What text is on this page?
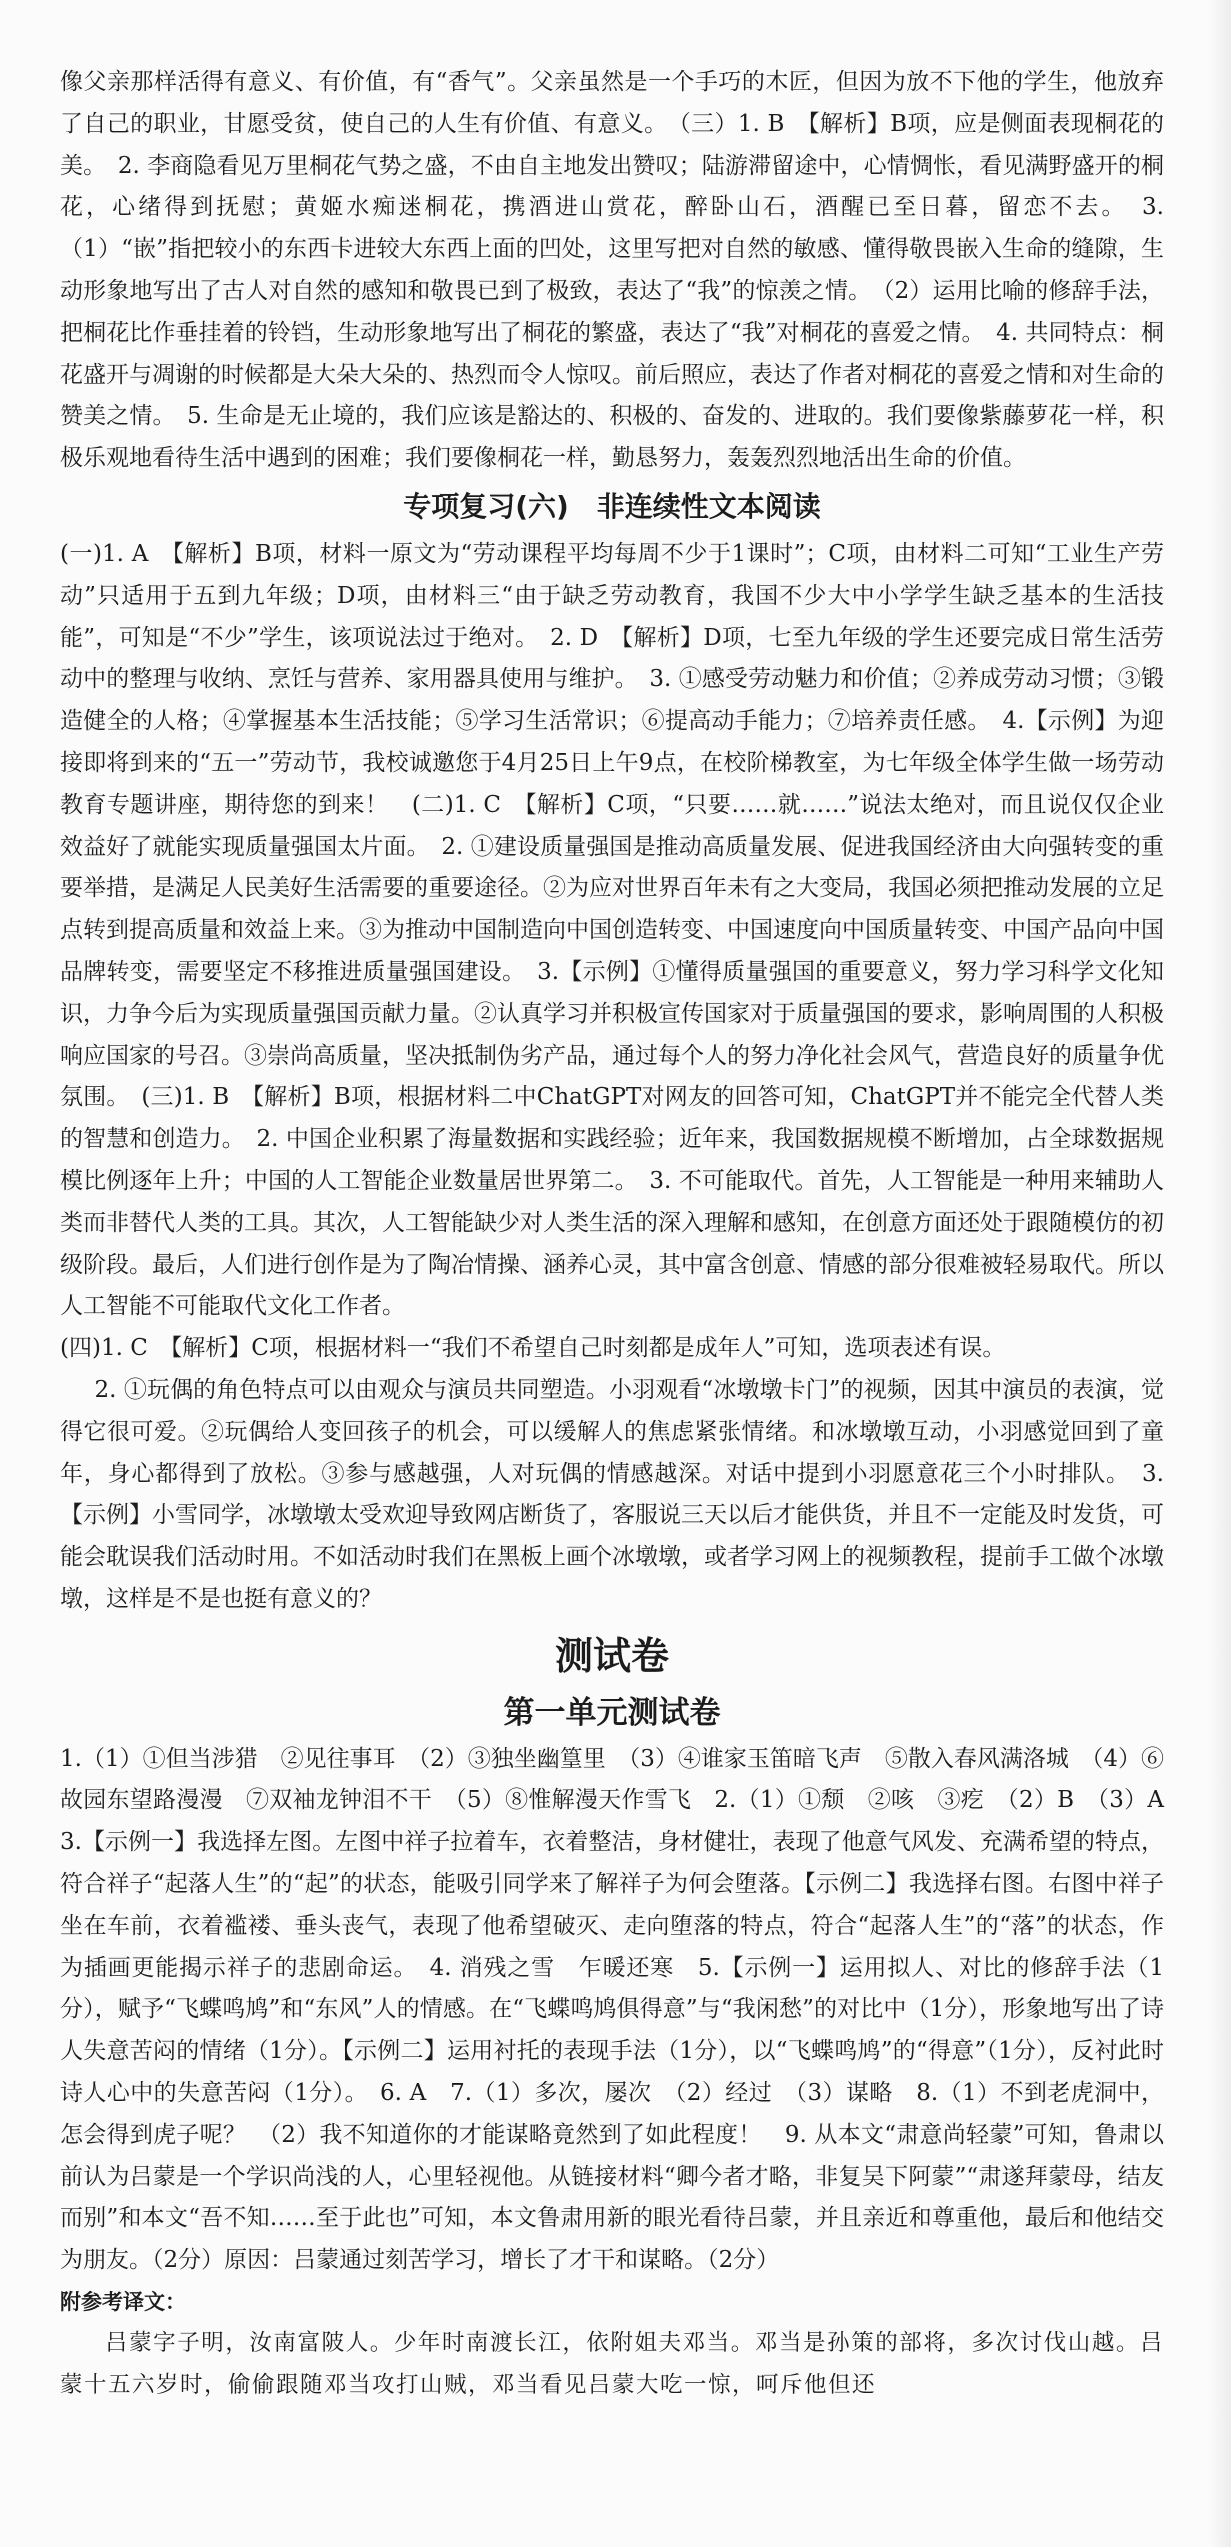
像父亲那样活得有意义、有价值，有“香气”。父亲虽然是一个手巧的木匠，但因为放不下他的学生，他放弃了自己的职业，甘愿受贫，使自己的人生有价值、有意义。　（三）1. B　【解析】B项，应是侧面表现桐花的美。　2. 李商隐看见万里桐花气势之盛，不由自主地发出赞叹；陆游滞留途中，心情惆怅，看见满野盛开的桐花，心绪得到抚慰；黄姬水痴迷桐花，携酒进山赏花，醉卧山石，酒醒已至日暮，留恋不去。　3.（1）“嵌”指把较小的东西卡进较大东西上面的凹处，这里写把对自然的敏感、懂得敬畏嵌入生命的缝隙，生动形象地写出了古人对自然的感知和敬畏已到了极致，表达了“我”的惊羡之情。　（2）运用比喻的修辞手法，把桐花比作垂挂着的铃铛，生动形象地写出了桐花的繁盛，表达了“我”对桐花的喜爱之情。　4. 共同特点：桐花盛开与凋谢的时候都是大朵大朵的、热烈而令人惊叹。前后照应，表达了作者对桐花的喜爱之情和对生命的赞美之情。　5. 生命是无止境的，我们应该是豁达的、积极的、奋发的、进取的。我们要像紫藤萝花一样，积极乐观地看待生活中遇到的困难；我们要像桐花一样，勤恳努力，轰轰烈烈地活出生命的价值。

专项复习(六)　非连续性文本阅读

(一)1. A　【解析】B项，材料一原文为“劳动课程平均每周不少于1课时”；C项，由材料二可知“工业生产劳动”只适用于五到九年级；D项，由材料三“由于缺乏劳动教育，我国不少大中小学学生缺乏基本的生活技能”，可知是“不少”学生，该项说法过于绝对。　2. D　【解析】D项，七至九年级的学生还要完成日常生活劳动中的整理与收纳、烹饪与营养、家用器具使用与维护。　3. ①感受劳动魅力和价值；②养成劳动习惯；③锻造健全的人格；④掌握基本生活技能；⑤学习生活常识；⑥提高动手能力；⑦培养责任感。　4.【示例】为迎接即将到来的“五一”劳动节，我校诚邀您于4月25日上午9点，在校阶梯教室，为七年级全体学生做一场劳动教育专题讲座，期待您的到来！　(二)1. C　【解析】C项，“只要……就……”说法太绝对，而且说仅仅企业效益好了就能实现质量强国太片面。　2. ①建设质量强国是推动高质量发展、促进我国经济由大向强转变的重要举措，是满足人民美好生活需要的重要途径。②为应对世界百年未有之大变局，我国必须把推动发展的立足点转到提高质量和效益上来。③为推动中国制造向中国创造转变、中国速度向中国质量转变、中国产品向中国品牌转变，需要坚定不移推进质量强国建设。　3.【示例】①懂得质量强国的重要意义，努力学习科学文化知识，力争今后为实现质量强国贡献力量。②认真学习并积极宣传国家对于质量强国的要求，影响周围的人积极响应国家的号召。③崇尚高质量，坚决抵制伪劣产品，通过每个人的努力净化社会风气，营造良好的质量争优氛围。　(三)1. B　【解析】B项，根据材料二中ChatGPT对网友的回答可知，ChatGPT并不能完全代替人类的智慧和创造力。　2. 中国企业积累了海量数据和实践经验；近年来，我国数据规模不断增加，占全球数据规模比例逐年上升；中国的人工智能企业数量居世界第二。　3. 不可能取代。首先，人工智能是一种用来辅助人类而非替代人类的工具。其次，人工智能缺少对人类生活的深入理解和感知，在创意方面还处于跟随模仿的初级阶段。最后，人们进行创作是为了陶冶情操、涵养心灵，其中富含创意、情感的部分很难被轻易取代。所以人工智能不可能取代文化工作者。

(四)1. C　【解析】C项，根据材料一“我们不希望自己时刻都是成年人”可知，选项表述有误。

2. ①玩偶的角色特点可以由观众与演员共同塑造。小羽观看“冰墩墩卡门”的视频，因其中演员的表演，觉得它很可爱。②玩偶给人变回孩子的机会，可以缓解人的焦虑紧张情绪。和冰墩墩互动，小羽感觉回到了童年，身心都得到了放松。③参与感越强，人对玩偶的情感越深。对话中提到小羽愿意花三个小时排队。　3.【示例】小雪同学，冰墩墩太受欢迎导致网店断货了，客服说三天以后才能供货，并且不一定能及时发货，可能会耽误我们活动时用。不如活动时我们在黑板上画个冰墩墩，或者学习网上的视频教程，提前手工做个冰墩墩，这样是不是也挺有意义的？

测试卷
第一单元测试卷

1.（1）①但当涉猎　②见往事耳　（2）③独坐幽篁里　（3）④谁家玉笛暗飞声　⑤散入春风满洛城　（4）⑥故园东望路漫漫　⑦双袖龙钟泪不干　（5）⑧惟解漫天作雪飞　2.（1）①颓　②咳　③疙　（2）B　（3）A　3.【示例一】我选择左图。左图中祥子拉着车，衣着整洁，身材健壮，表现了他意气风发、充满希望的特点，符合祥子“起落人生”的“起”的状态，能吸引同学来了解祥子为何会堕落。【示例二】我选择右图。右图中祥子坐在车前，衣着褴褛、垂头丧气，表现了他希望破灭、走向堕落的特点，符合“起落人生”的“落”的状态，作为插画更能揭示祥子的悲剧命运。　4. 消残之雪　乍暖还寒　5.【示例一】运用拟人、对比的修辞手法（1分），赋予“飞蝶鸣鸠”和“东风”人的情感。在“飞蝶鸣鸠俱得意”与“我闲愁”的对比中（1分），形象地写出了诗人失意苦闷的情绪（1分）。【示例二】运用衬托的表现手法（1分），以“飞蝶鸣鸠”的“得意”（1分），反衬此时诗人心中的失意苦闷（1分）。　6. A　7.（1）多次，屡次　（2）经过　（3）谋略　8.（1）不到老虎洞中，怎会得到虎子呢？　（2）我不知道你的才能谋略竟然到了如此程度！　9. 从本文“肃意尚轻蒙”可知，鲁肃以前认为吕蒙是一个学识尚浅的人，心里轻视他。从链接材料“卿今者才略，非复吴下阿蒙”“肃遂拜蒙母，结友而别”和本文“吾不知……至于此也”可知，本文鲁肃用新的眼光看待吕蒙，并且亲近和尊重他，最后和他结交为朋友。（2分）原因：吕蒙通过刻苦学习，增长了才干和谋略。（2分）

附参考译文：

吕蒙字子明，汝南富陂人。少年时南渡长江，依附姐夫邓当。邓当是孙策的部将，多次讨伐山越。吕蒙十五六岁时，偷偷跟随邓当攻打山贼，邓当看见吕蒙大吃一惊，呵斥他但还
